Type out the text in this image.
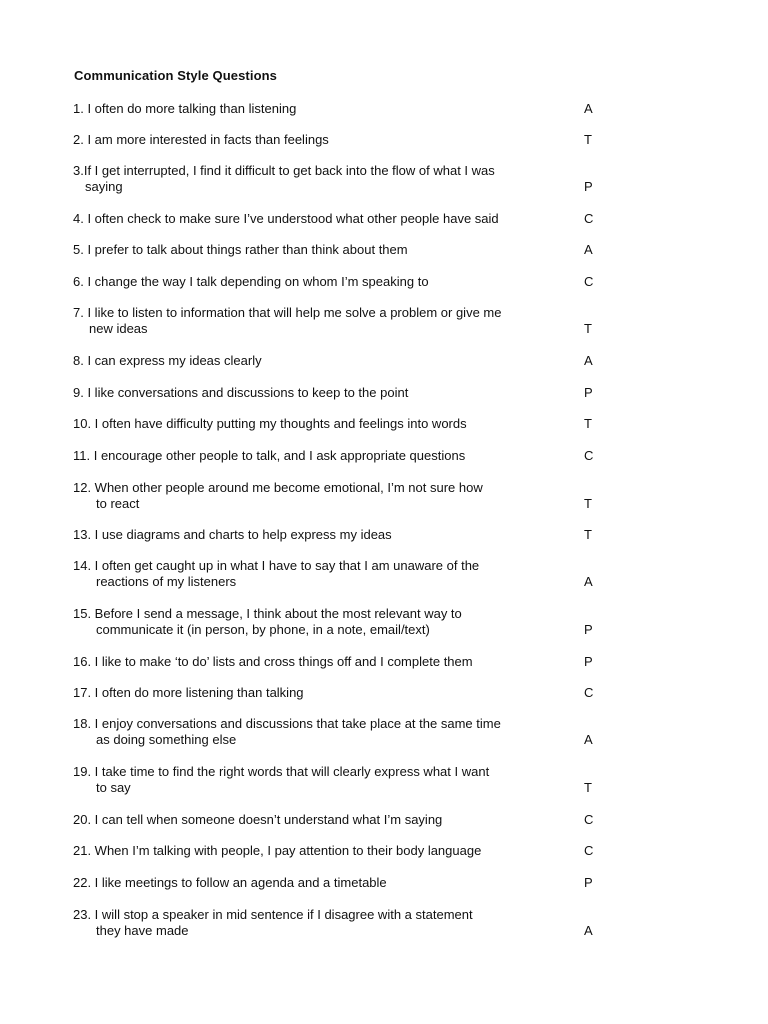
Communication Style Questions
1. I often do more talking than listening	A
2. I am more interested in facts than feelings	T
3.If I get interrupted, I find it difficult to get back into the flow of what I was
saying	P
4. I often check to make sure I’ve understood what other people have said	C
5. I prefer to talk about things rather than think about them	A
6. I change the way I talk depending on whom I’m speaking to	C
7. I like to listen to information that will help me solve a problem or give me
new ideas	T
8. I can express my ideas clearly	A
9. I like conversations and discussions to keep to the point	P
10. I often have difficulty putting my thoughts and feelings into words	T
11. I encourage other people to talk, and I ask appropriate questions	C
12. When other people around me become emotional, I’m not sure how
to react	T
13. I use diagrams and charts to help express my ideas	T
14. I often get caught up in what I have to say that I am unaware of the
reactions of my listeners	A
15. Before I send a message, I think about the most relevant way to
communicate it (in person, by phone, in a note, email/text)	P
16. I like to make ‘to do’ lists and cross things off and I complete them	P
17. I often do more listening than talking	C
18. I enjoy conversations and discussions that take place at the same time
as doing something else	A
19. I take time to find the right words that will clearly express what I want
to say	T
20. I can tell when someone doesn’t understand what I’m saying	C
21. When I’m talking with people, I pay attention to their body language	C
22. I like meetings to follow an agenda and a timetable	P
23. I will stop a speaker in mid sentence if I disagree with a statement
they have made	A
